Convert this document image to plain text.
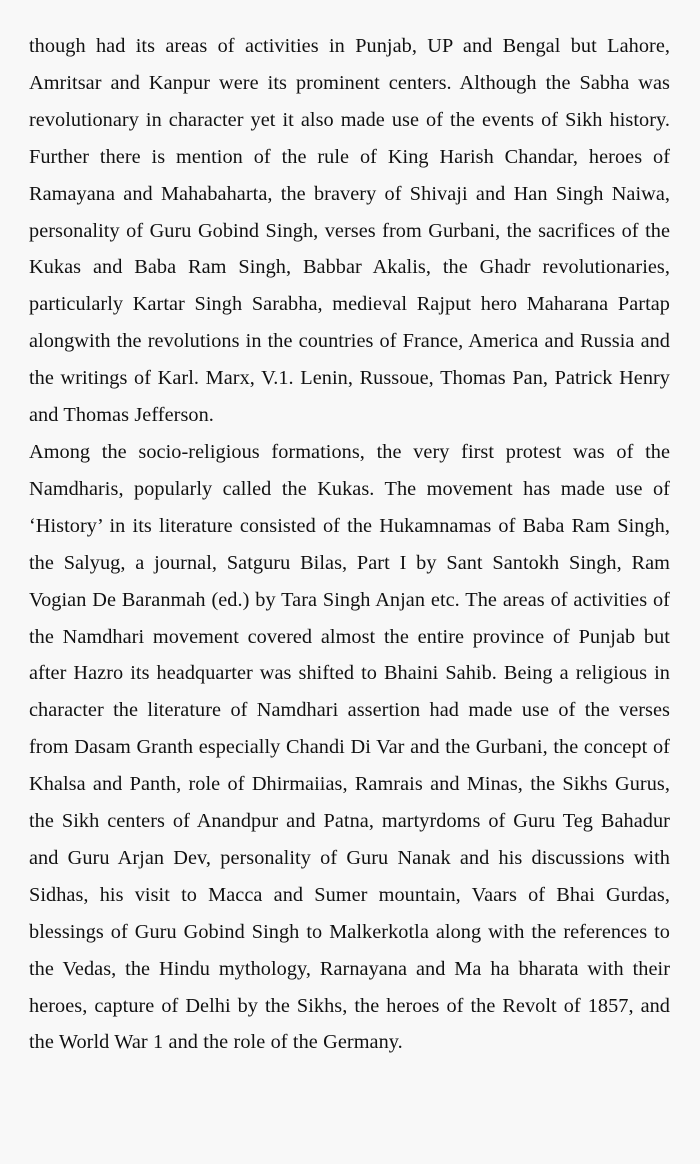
though had its areas of activities in Punjab, UP and Bengal but Lahore, Amritsar and Kanpur were its prominent centers. Although the Sabha was revolutionary in character yet it also made use of the events of Sikh history. Further there is mention of the rule of King Harish Chandar, heroes of Ramayana and Mahabaharta, the bravery of Shivaji and Han Singh Naiwa, personality of Guru Gobind Singh, verses from Gurbani, the sacrifices of the Kukas and Baba Ram Singh, Babbar Akalis, the Ghadr revolutionaries, particularly Kartar Singh Sarabha, medieval Rajput hero Maharana Partap alongwith the revolutions in the countries of France, America and Russia and the writings of Karl. Marx, V.1. Lenin, Russoue, Thomas Pan, Patrick Henry and Thomas Jefferson.

Among the socio-religious formations, the very first protest was of the Namdharis, popularly called the Kukas. The movement has made use of ‘History’ in its literature consisted of the Hukamnamas of Baba Ram Singh, the Salyug, a journal, Satguru Bilas, Part I by Sant Santokh Singh, Ram Vogian De Baranmah (ed.) by Tara Singh Anjan etc. The areas of activities of the Namdhari movement covered almost the entire province of Punjab but after Hazro its headquarter was shifted to Bhaini Sahib. Being a religious in character the literature of Namdhari assertion had made use of the verses from Dasam Granth especially Chandi Di Var and the Gurbani, the concept of Khalsa and Panth, role of Dhirmaiias, Ramrais and Minas, the Sikhs Gurus, the Sikh centers of Anandpur and Patna, martyrdoms of Guru Teg Bahadur and Guru Arjan Dev, personality of Guru Nanak and his discussions with Sidhas, his visit to Macca and Sumer mountain, Vaars of Bhai Gurdas, blessings of Guru Gobind Singh to Malkerkotla along with the references to the Vedas, the Hindu mythology, Rarnayana and Ma ha bharata with their heroes, capture of Delhi by the Sikhs, the heroes of the Revolt of 1857, and the World War 1 and the role of the Germany.
